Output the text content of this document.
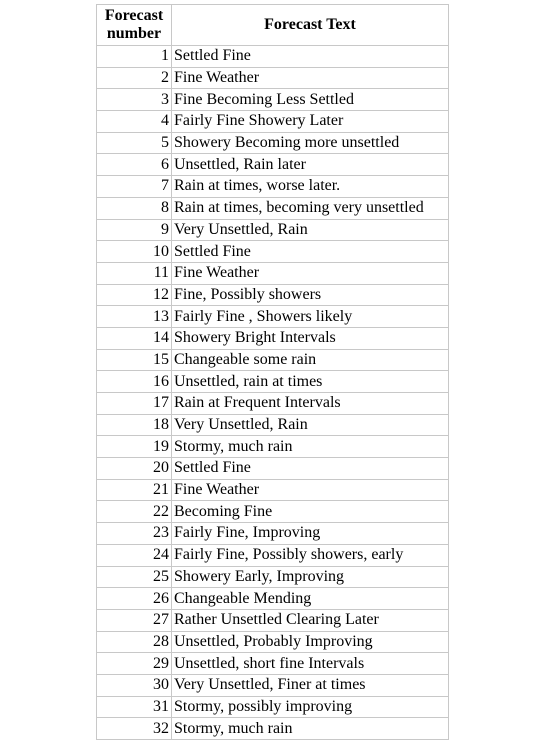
Forecast number	Forecast Text
1	Settled Fine
2	Fine Weather
3	Fine Becoming Less Settled
4	Fairly Fine Showery Later
5	Showery Becoming more unsettled
6	Unsettled, Rain later
7	Rain at times, worse later.
8	Rain at times, becoming very unsettled
9	Very Unsettled, Rain
10	Settled Fine
11	Fine Weather
12	Fine, Possibly showers
13	Fairly Fine , Showers likely
14	Showery Bright Intervals
15	Changeable some rain
16	Unsettled, rain at times
17	Rain at Frequent Intervals
18	Very Unsettled, Rain
19	Stormy, much rain
20	Settled Fine
21	Fine Weather
22	Becoming Fine
23	Fairly Fine, Improving
24	Fairly Fine, Possibly showers, early
25	Showery Early, Improving
26	Changeable Mending
27	Rather Unsettled Clearing Later
28	Unsettled, Probably Improving
29	Unsettled, short fine Intervals
30	Very Unsettled, Finer at times
31	Stormy, possibly improving
32	Stormy, much rain
